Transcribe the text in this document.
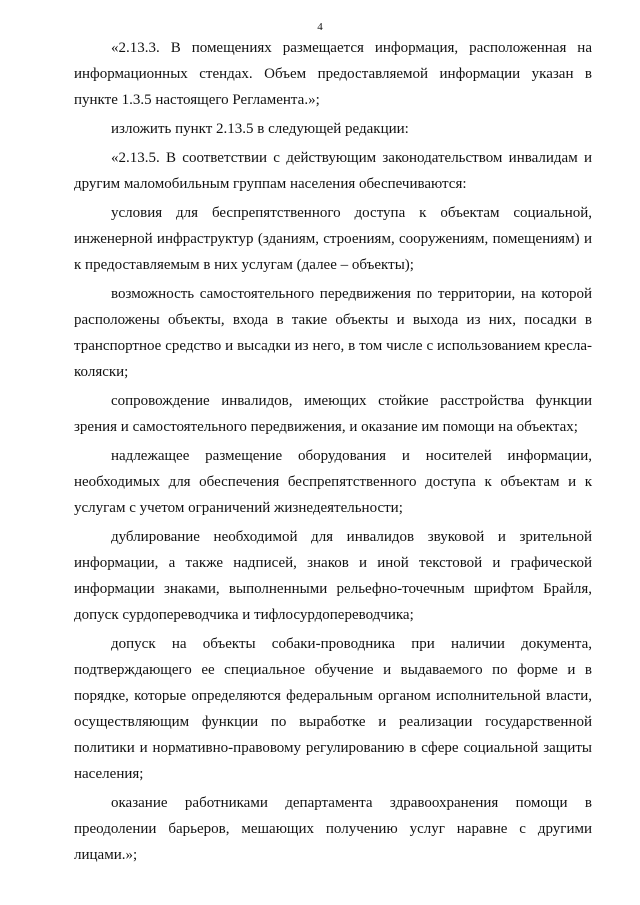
4

«2.13.3. В помещениях размещается информация, расположенная на информационных стендах. Объем предоставляемой информации указан в пункте 1.3.5 настоящего Регламента.»;

изложить пункт 2.13.5 в следующей редакции:

«2.13.5. В соответствии с действующим законодательством инвалидам и другим маломобильным группам населения обеспечиваются:

условия для беспрепятственного доступа к объектам социальной, инженерной инфраструктур (зданиям, строениям, сооружениям, помещениям) и к предоставляемым в них услугам (далее – объекты);

возможность самостоятельного передвижения по территории, на которой расположены объекты, входа в такие объекты и выхода из них, посадки в транспортное средство и высадки из него, в том числе с использованием кресла-коляски;

сопровождение инвалидов, имеющих стойкие расстройства функции зрения и самостоятельного передвижения, и оказание им помощи на объектах;

надлежащее размещение оборудования и носителей информации, необходимых для обеспечения беспрепятственного доступа к объектам и к услугам с учетом ограничений жизнедеятельности;

дублирование необходимой для инвалидов звуковой и зрительной информации, а также надписей, знаков и иной текстовой и графической информации знаками, выполненными рельефно-точечным шрифтом Брайля, допуск сурдопереводчика и тифлосурдопереводчика;

допуск на объекты собаки-проводника при наличии документа, подтверждающего ее специальное обучение и выдаваемого по форме и в порядке, которые определяются федеральным органом исполнительной власти, осуществляющим функции по выработке и реализации государственной политики и нормативно-правовому регулированию в сфере социальной защиты населения;

оказание работниками департамента здравоохранения помощи в преодолении барьеров, мешающих получению услуг наравне с другими лицами.»;
